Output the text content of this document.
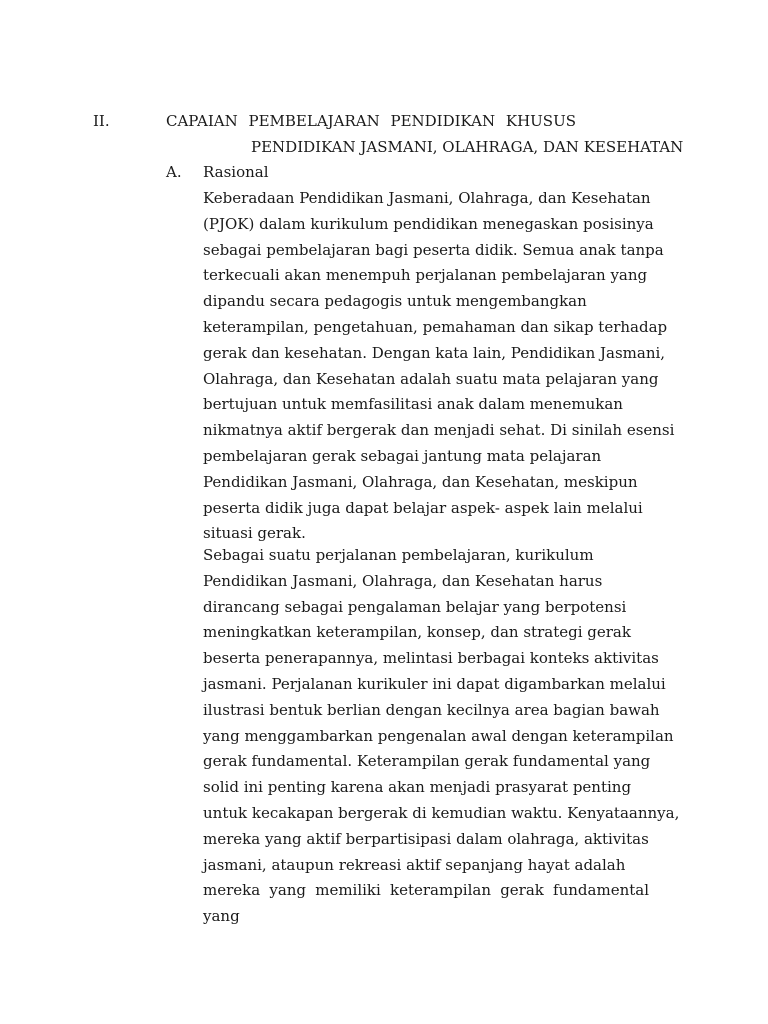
II.	CAPAIAN PEMBELAJARAN PENDIDIKAN KHUSUS
PENDIDIKAN JASMANI, OLAHRAGA, DAN KESEHATAN
A. Rasional
Keberadaan Pendidikan Jasmani, Olahraga, dan Kesehatan
(PJOK) dalam kurikulum pendidikan menegaskan posisinya
sebagai pembelajaran bagi peserta didik. Semua anak tanpa
terkecuali akan menempuh perjalanan pembelajaran yang
dipandu secara pedagogis untuk mengembangkan
keterampilan, pengetahuan, pemahaman dan sikap terhadap
gerak dan kesehatan. Dengan kata lain, Pendidikan Jasmani,
Olahraga, dan Kesehatan adalah suatu mata pelajaran yang
bertujuan untuk memfasilitasi anak dalam menemukan
nikmatnya aktif bergerak dan menjadi sehat. Di sinilah esensi
pembelajaran gerak sebagai jantung mata pelajaran
Pendidikan Jasmani, Olahraga, dan Kesehatan, meskipun
peserta didik juga dapat belajar aspek- aspek lain melalui
situasi gerak.
Sebagai suatu perjalanan pembelajaran, kurikulum
Pendidikan Jasmani, Olahraga, dan Kesehatan harus
dirancang sebagai pengalaman belajar yang berpotensi
meningkatkan keterampilan, konsep, dan strategi gerak
beserta penerapannya, melintasi berbagai konteks aktivitas
jasmani. Perjalanan kurikuler ini dapat digambarkan melalui
ilustrasi bentuk berlian dengan kecilnya area bagian bawah
yang menggambarkan pengenalan awal dengan keterampilan
gerak fundamental. Keterampilan gerak fundamental yang
solid ini penting karena akan menjadi prasyarat penting
untuk kecakapan bergerak di kemudian waktu. Kenyataannya,
mereka yang aktif berpartisipasi dalam olahraga, aktivitas
jasmani, ataupun rekreasi aktif sepanjang hayat adalah
mereka yang memiliki keterampilan gerak fundamental
yang
